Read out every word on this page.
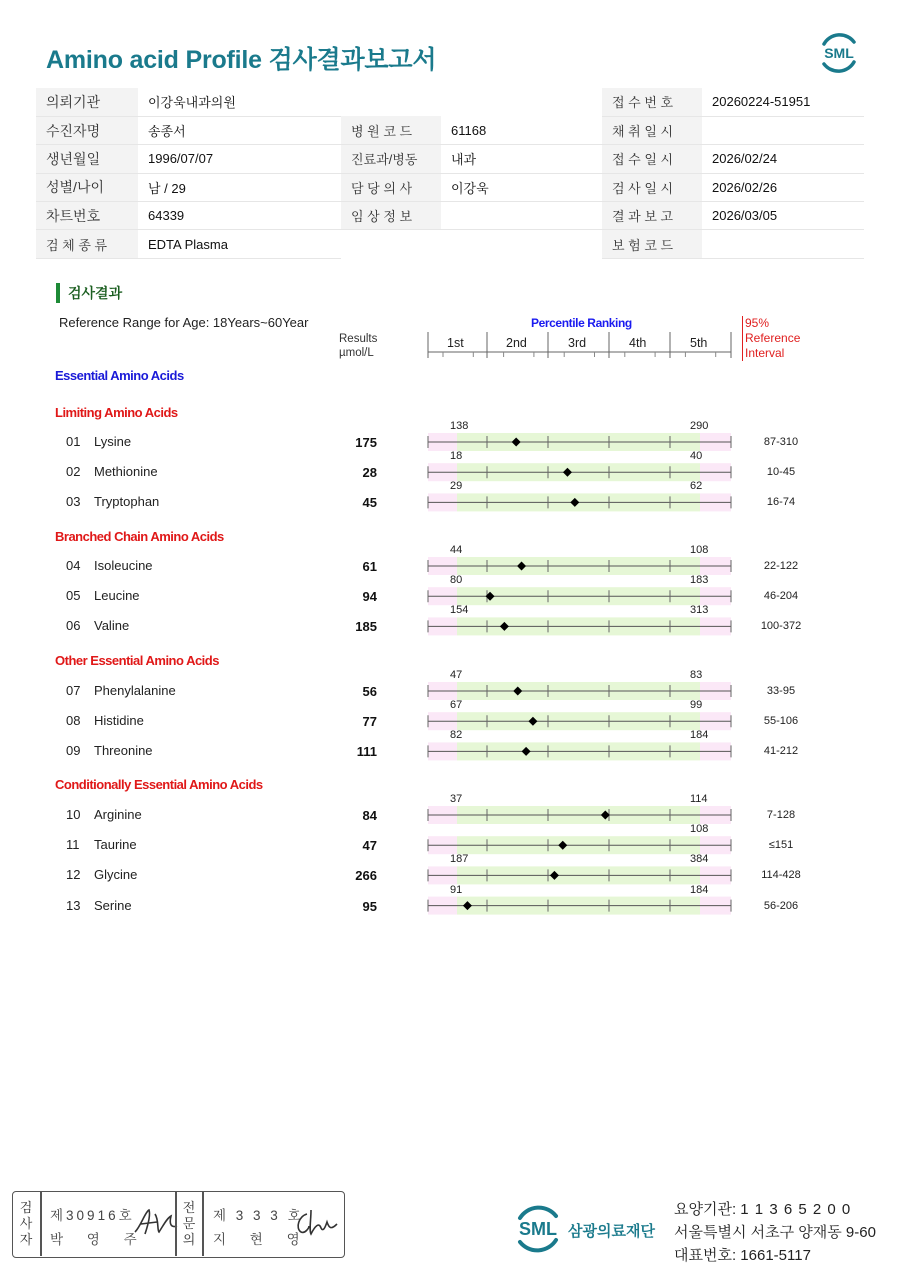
Amino acid Profile 검사결과보고서	SML
의뢰기관	이강욱내과의원			접 수 번 호	20260224-51951
수진자명	송종서	병 원 코 드	61168	채 취 일 시	
생년월일	1996/07/07	진료과/병동	내과	접 수 일 시	2026/02/24
성별/나이	남 / 29	담 당 의 사	이강욱	검 사 일 시	2026/02/26
차트번호	64339	임 상 정 보		결 과 보 고	2026/03/05
검 체 종 류	EDTA Plasma			보 험 코 드	
검사결과
Reference Range for Age: 18Years~60Year
Results
µmol/L
Percentile Ranking
1st	2nd	3rd	4th	5th
95%
Reference
Interval
Essential Amino Acids
Limiting Amino Acids
01 Lysine	175	87-310
138	290
02 Methionine	28	10-45
18	40
03 Tryptophan	45	16-74
29	62
Branched Chain Amino Acids
04 Isoleucine	61	22-122
44	108
05 Leucine	94	46-204
80	183
06 Valine	185	100-372
154	313
Other Essential Amino Acids
07 Phenylalanine	56	33-95
47	83
08 Histidine	77	55-106
67	99
09 Threonine	111	41-212
82	184
Conditionally Essential Amino Acids
10 Arginine	84	7-128
37	114
11 Taurine	47	≤151
108
12 Glycine	266	114-428
187	384
13 Serine	95	56-206
91	184
검
사
자
제30916호
박 영 주
전
문
의
제 3 3 3 호
지 현 영
SML 삼광의료재단
요양기관: 1 1 3 6 5 2 0 0
서울특별시 서초구 양재동 9-60
대표번호: 1661-5117
